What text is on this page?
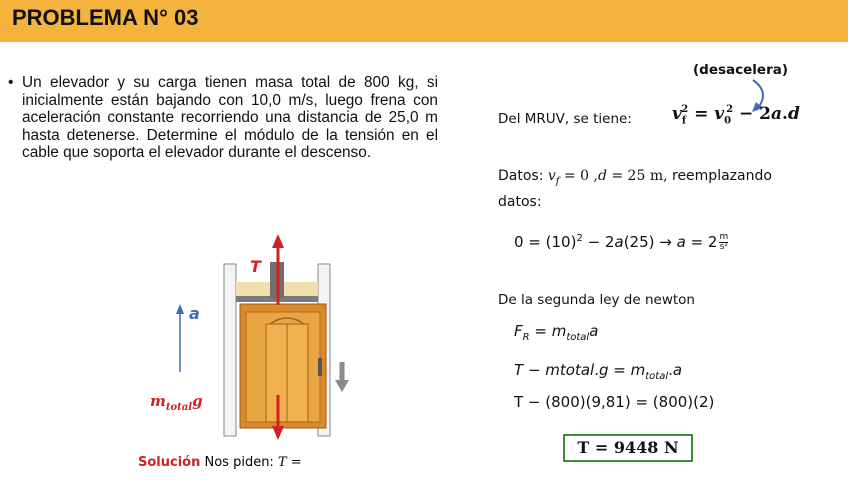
PROBLEMA N° 03
• Un elevador y su carga tienen masa total de 800 kg, si inicialmente están bajando con 10,0 m/s, luego frena con aceleración constante recorriendo una distancia de 25,0 m hasta detenerse. Determine el módulo de la tensión en el cable que soporta el elevador durante el descenso.
T
a
$m_{total}g$
Solución Nos piden: T =
(desacelera)
Del MRUV, se tiene: $v_f^2 = v_0^2 - 2a.d$
Datos: $v_f = 0$ ,d = 25 m, reemplazando
datos:
$0 = (10)^2 - 2a(25) \to a = 2 \frac{m}{\text{s²}}$
De la segunda ley de newton
$F_R = m_{total}a$
T − mtotal.g = $m_{total}.a$
T − (800)(9,81) = (800)(2)
T = 9448 N
